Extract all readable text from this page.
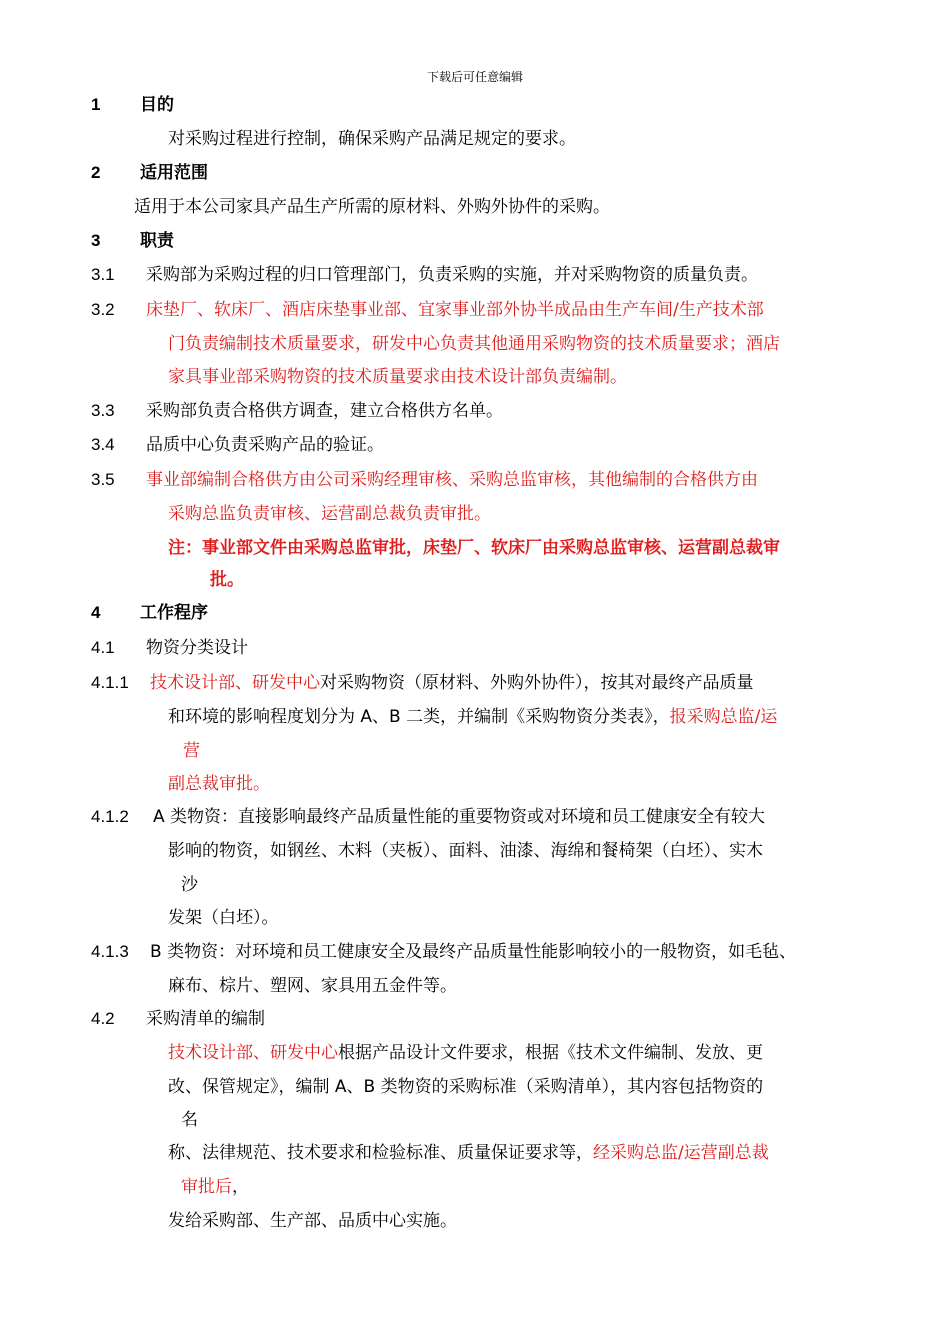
下载后可任意编辑
1 目的
对采购过程进行控制，确保采购产品满足规定的要求。
2 适用范围
适用于本公司家具产品生产所需的原材料、外购外协件的采购。
3 职责
3.1 采购部为采购过程的归口管理部门，负责采购的实施，并对采购物资的质量负责。
3.2 床垫厂、软床厂、酒店床垫事业部、宜家事业部外协半成品由生产车间/生产技术部
门负责编制技术质量要求，研发中心负责其他通用采购物资的技术质量要求；酒店
家具事业部采购物资的技术质量要求由技术设计部负责编制。
3.3 采购部负责合格供方调查，建立合格供方名单。
3.4 品质中心负责采购产品的验证。
3.5 事业部编制合格供方由公司采购经理审核、采购总监审核，其他编制的合格供方由
采购总监负责审核、运营副总裁负责审批。
注：事业部文件由采购总监审批，床垫厂、软床厂由采购总监审核、运营副总裁审
批。
4 工作程序
4.1 物资分类设计
4.1.1 技术设计部、研发中心对采购物资（原材料、外购外协件），按其对最终产品质量
和环境的影响程度划分为 A、B 二类，并编制《采购物资分类表》，报采购总监/运
营
副总裁审批。
4.1.2 A 类物资：直接影响最终产品质量性能的重要物资或对环境和员工健康安全有较大
影响的物资，如钢丝、木料（夹板）、面料、油漆、海绵和餐椅架（白坯）、实木
沙
发架（白坯）。
4.1.3 B 类物资：对环境和员工健康安全及最终产品质量性能影响较小的一般物资，如毛毡、
麻布、棕片、塑网、家具用五金件等。
4.2 采购清单的编制
技术设计部、研发中心根据产品设计文件要求，根据《技术文件编制、发放、更
改、保管规定》，编制 A、B 类物资的采购标准（采购清单），其内容包括物资的
名
称、法律规范、技术要求和检验标准、质量保证要求等，经采购总监/运营副总裁
审批后，
发给采购部、生产部、品质中心实施。
